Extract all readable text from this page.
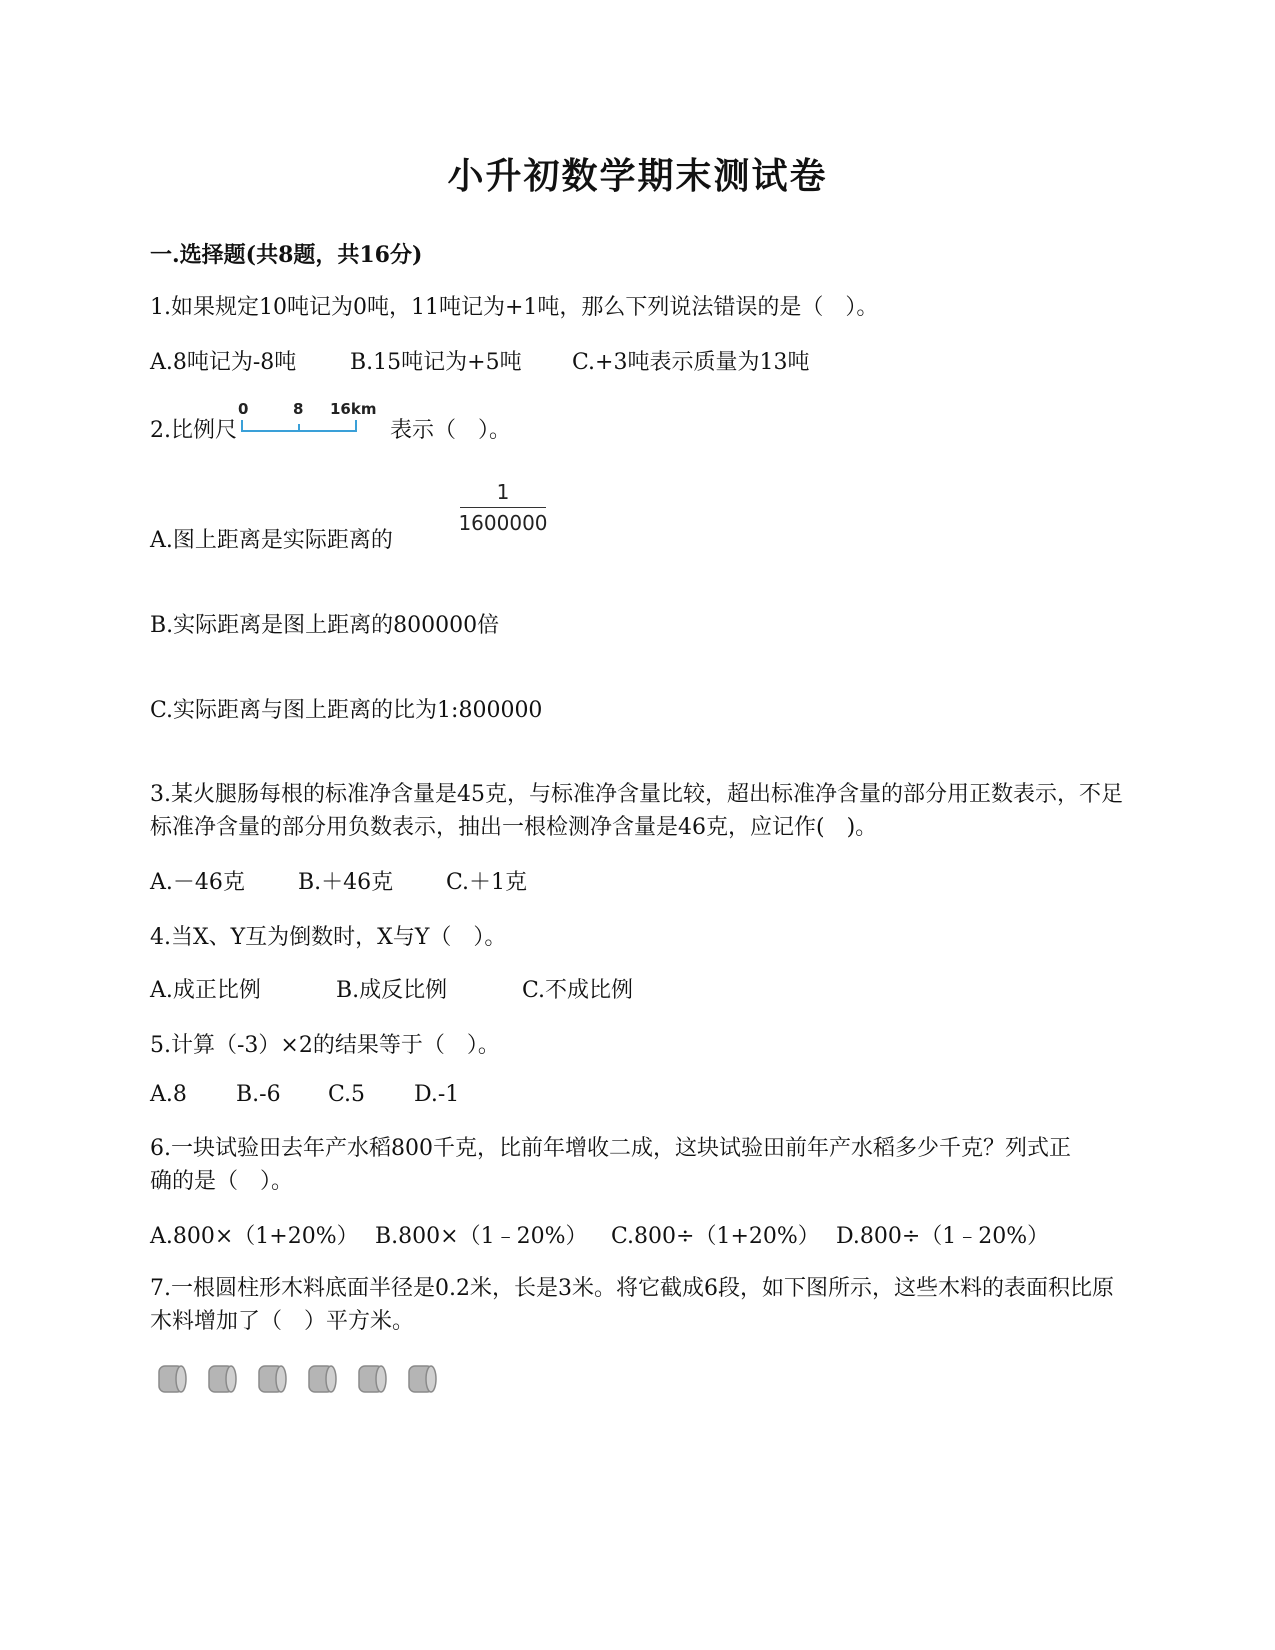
小升初数学期末测试卷
一.选择题(共8题，共16分)
1.如果规定10吨记为0吨，11吨记为+1吨，那么下列说法错误的是（　）。
A.8吨记为-8吨 B.15吨记为+5吨 C.+3吨表示质量为13吨
2.比例尺
0	8 16km
表示（　）。
A.图上距离是实际距离的
1
1600000
B.实际距离是图上距离的800000倍
C.实际距离与图上距离的比为1:800000
3.某火腿肠每根的标准净含量是45克，与标准净含量比较，超出标准净含量的部分用正数表示，不足标准净含量的部分用负数表示，抽出一根检测净含量是46克，应记作(　)。
A.－46克 B.＋46克 C.＋1克
4.当X、Y互为倒数时，X与Y（　）。
A.成正比例	B.成反比例	C.不成比例
5.计算（-3）×2的结果等于（　）。
A.8 B.-6 C.5 D.-1
6.一块试验田去年产水稻800千克，比前年增收二成，这块试验田前年产水稻多少千克？列式正确的是（　）。
A.800×（1+20%） B.800×（1﹣20%） C.800÷（1+20%） D.800÷（1﹣20%）
7.一根圆柱形木料底面半径是0.2米，长是3米。将它截成6段，如下图所示，这些木料的表面积比原木料增加了（　）平方米。
